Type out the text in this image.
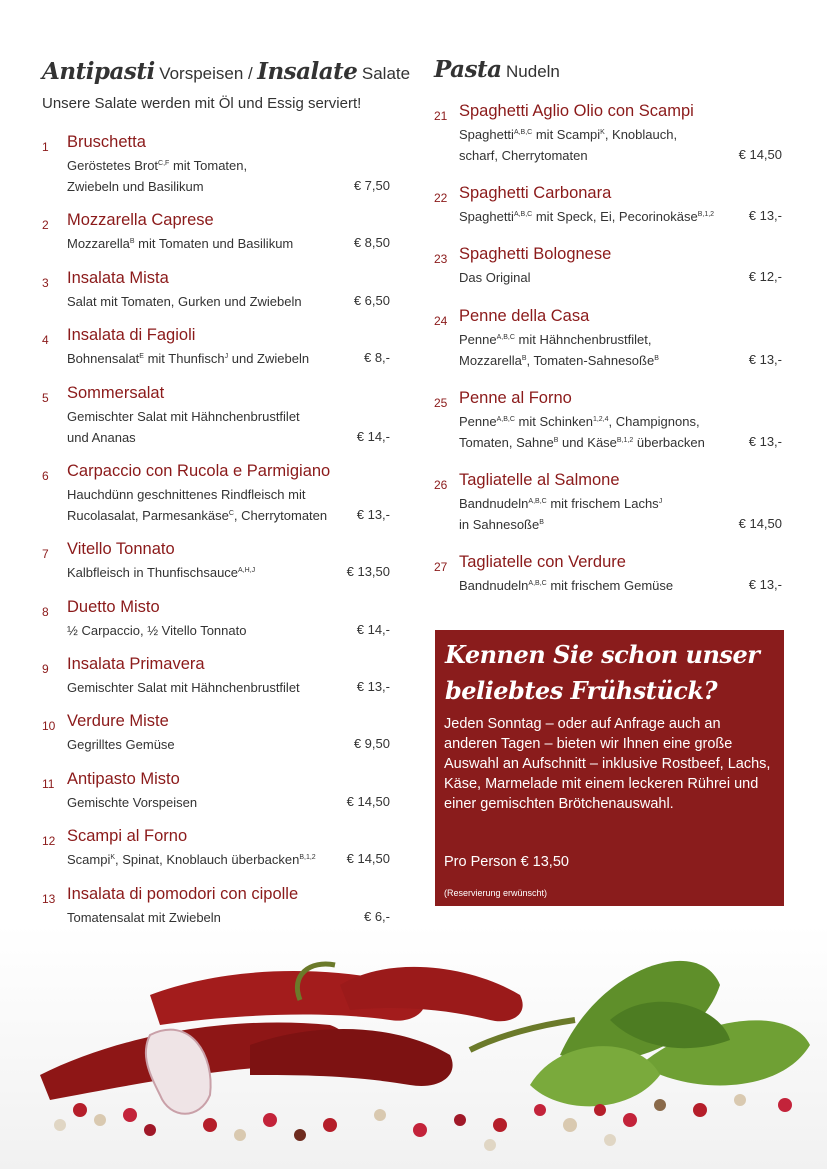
Antipasti Vorspeisen / Insalate Salate
Unsere Salate werden mit Öl und Essig serviert!
1	Bruschetta
Geröstetes Brot$^{C,F}$ mit Tomaten,
Zwiebeln und Basilikum	€ 7,50
2	Mozzarella Caprese
Mozzarella$^B$ mit Tomaten und Basilikum	€ 8,50
3	Insalata Mista
Salat mit Tomaten, Gurken und Zwiebeln	€ 6,50
4	Insalata di Fagioli
Bohnensalat$^E$ mit Thunfisch$^J$ und Zwiebeln	€ 8,-
5	Sommersalat
Gemischter Salat mit Hähnchenbrustfilet
und Ananas	€ 14,-
6	Carpaccio con Rucola e Parmigiano
Hauchdünn geschnittenes Rindfleisch mit
Rucolasalat, Parmesankäse$^C$, Cherrytomaten € 13,-
7	Vitello Tonnato
Kalbfleisch in Thunfischsauce$^{A,H,J}$	€ 13,50
8	Duetto Misto
½ Carpaccio, ½ Vitello Tonnato	€ 14,-
9	Insalata Primavera
Gemischter Salat mit Hähnchenbrustfilet	€ 13,-
10 Verdure Miste
Gegrilltes Gemüse	€ 9,50
11 Antipasto Misto
Gemischte Vorspeisen	€ 14,50
12 Scampi al Forno
Scampi$^K$, Spinat, Knoblauch überbacken$^{B,1,2}$ € 14,50
13 Insalata di pomodori con cipolle
Tomatensalat mit Zwiebeln	€ 6,-
Pasta Nudeln
21 Spaghetti Aglio Olio con Scampi
Spaghetti$^{A,B,C}$ mit Scampi$^K$, Knoblauch,
scharf, Cherrytomaten	€ 14,50
22 Spaghetti Carbonara
Spaghetti$^{A,B,C}$ mit Speck, Ei, Pecorinokäse$^{B,1,2}$	€ 13,-
23 Spaghetti Bolognese
Das Original	€ 12,-
24 Penne della Casa
Penne$^{A,B,C}$ mit Hähnchenbrustfilet,
Mozzarella$^B$, Tomaten-Sahnesoße$^B$	€ 13,-
25 Penne al Forno
Penne$^{A,B,C}$ mit Schinken$^{1,2,4}$, Champignons,
Tomaten, Sahne$^B$ und Käse$^{B,1,2}$ überbacken	€ 13,-
26 Tagliatelle al Salmone
Bandnudeln$^{A,B,C}$ mit frischem Lachs$^J$
in Sahnesoße$^B$	€ 14,50
27 Tagliatelle con Verdure
Bandnudeln$^{A,B,C}$ mit frischem Gemüse	€ 13,-
Kennen Sie schon unser
beliebtes Frühstück?
Jeden Sonntag – oder auf Anfrage auch an anderen Tagen – bieten wir Ihnen eine große Auswahl an Aufschnitt – inklusive Rostbeef, Lachs, Käse, Marmelade mit einem leckeren Rührei und einer gemischten Brötchenauswahl.
Pro Person € 13,50
(Reservierung erwünscht)
